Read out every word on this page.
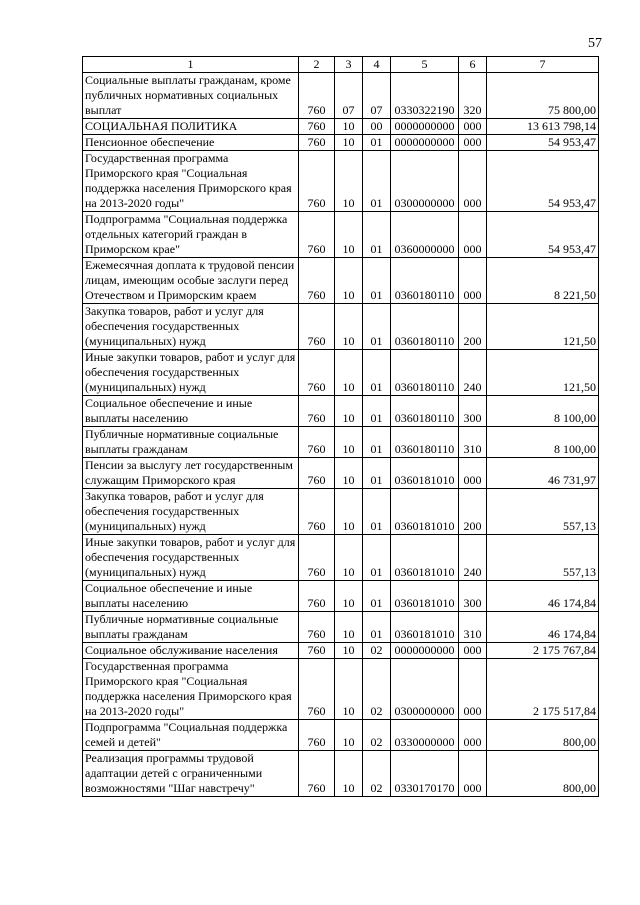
57
1	2	3	4	5	6	7
Социальные выплаты гражданам, кроме публичных нормативных социальных выплат	760	07	07	0330322190	320	75 800,00
СОЦИАЛЬНАЯ ПОЛИТИКА	760	10	00	0000000000	000	13 613 798,14
Пенсионное обеспечение	760	10	01	0000000000	000	54 953,47
Государственная программа Приморского края "Социальная поддержка населения Приморского края на 2013-2020 годы"	760	10	01	0300000000	000	54 953,47
Подпрограмма "Социальная поддержка отдельных категорий граждан в Приморском крае"	760	10	01	0360000000	000	54 953,47
Ежемесячная доплата к трудовой пенсии лицам, имеющим особые заслуги перед Отечеством и Приморским краем	760	10	01	0360180110	000	8 221,50
Закупка товаров, работ и услуг для обеспечения государственных (муниципальных) нужд	760	10	01	0360180110	200	121,50
Иные закупки товаров, работ и услуг для обеспечения государственных (муниципальных) нужд	760	10	01	0360180110	240	121,50
Социальное обеспечение и иные выплаты населению	760	10	01	0360180110	300	8 100,00
Публичные нормативные социальные выплаты гражданам	760	10	01	0360180110	310	8 100,00
Пенсии за выслугу лет государственным служащим Приморского края	760	10	01	0360181010	000	46 731,97
Закупка товаров, работ и услуг для обеспечения государственных (муниципальных) нужд	760	10	01	0360181010	200	557,13
Иные закупки товаров, работ и услуг для обеспечения государственных (муниципальных) нужд	760	10	01	0360181010	240	557,13
Социальное обеспечение и иные выплаты населению	760	10	01	0360181010	300	46 174,84
Публичные нормативные социальные выплаты гражданам	760	10	01	0360181010	310	46 174,84
Социальное обслуживание населения	760	10	02	0000000000	000	2 175 767,84
Государственная программа Приморского края "Социальная поддержка населения Приморского края на 2013-2020 годы"	760	10	02	0300000000	000	2 175 517,84
Подпрограмма "Социальная поддержка семей и детей"	760	10	02	0330000000	000	800,00
Реализация программы трудовой адаптации детей с ограниченными возможностями "Шаг навстречу"	760	10	02	0330170170	000	800,00
